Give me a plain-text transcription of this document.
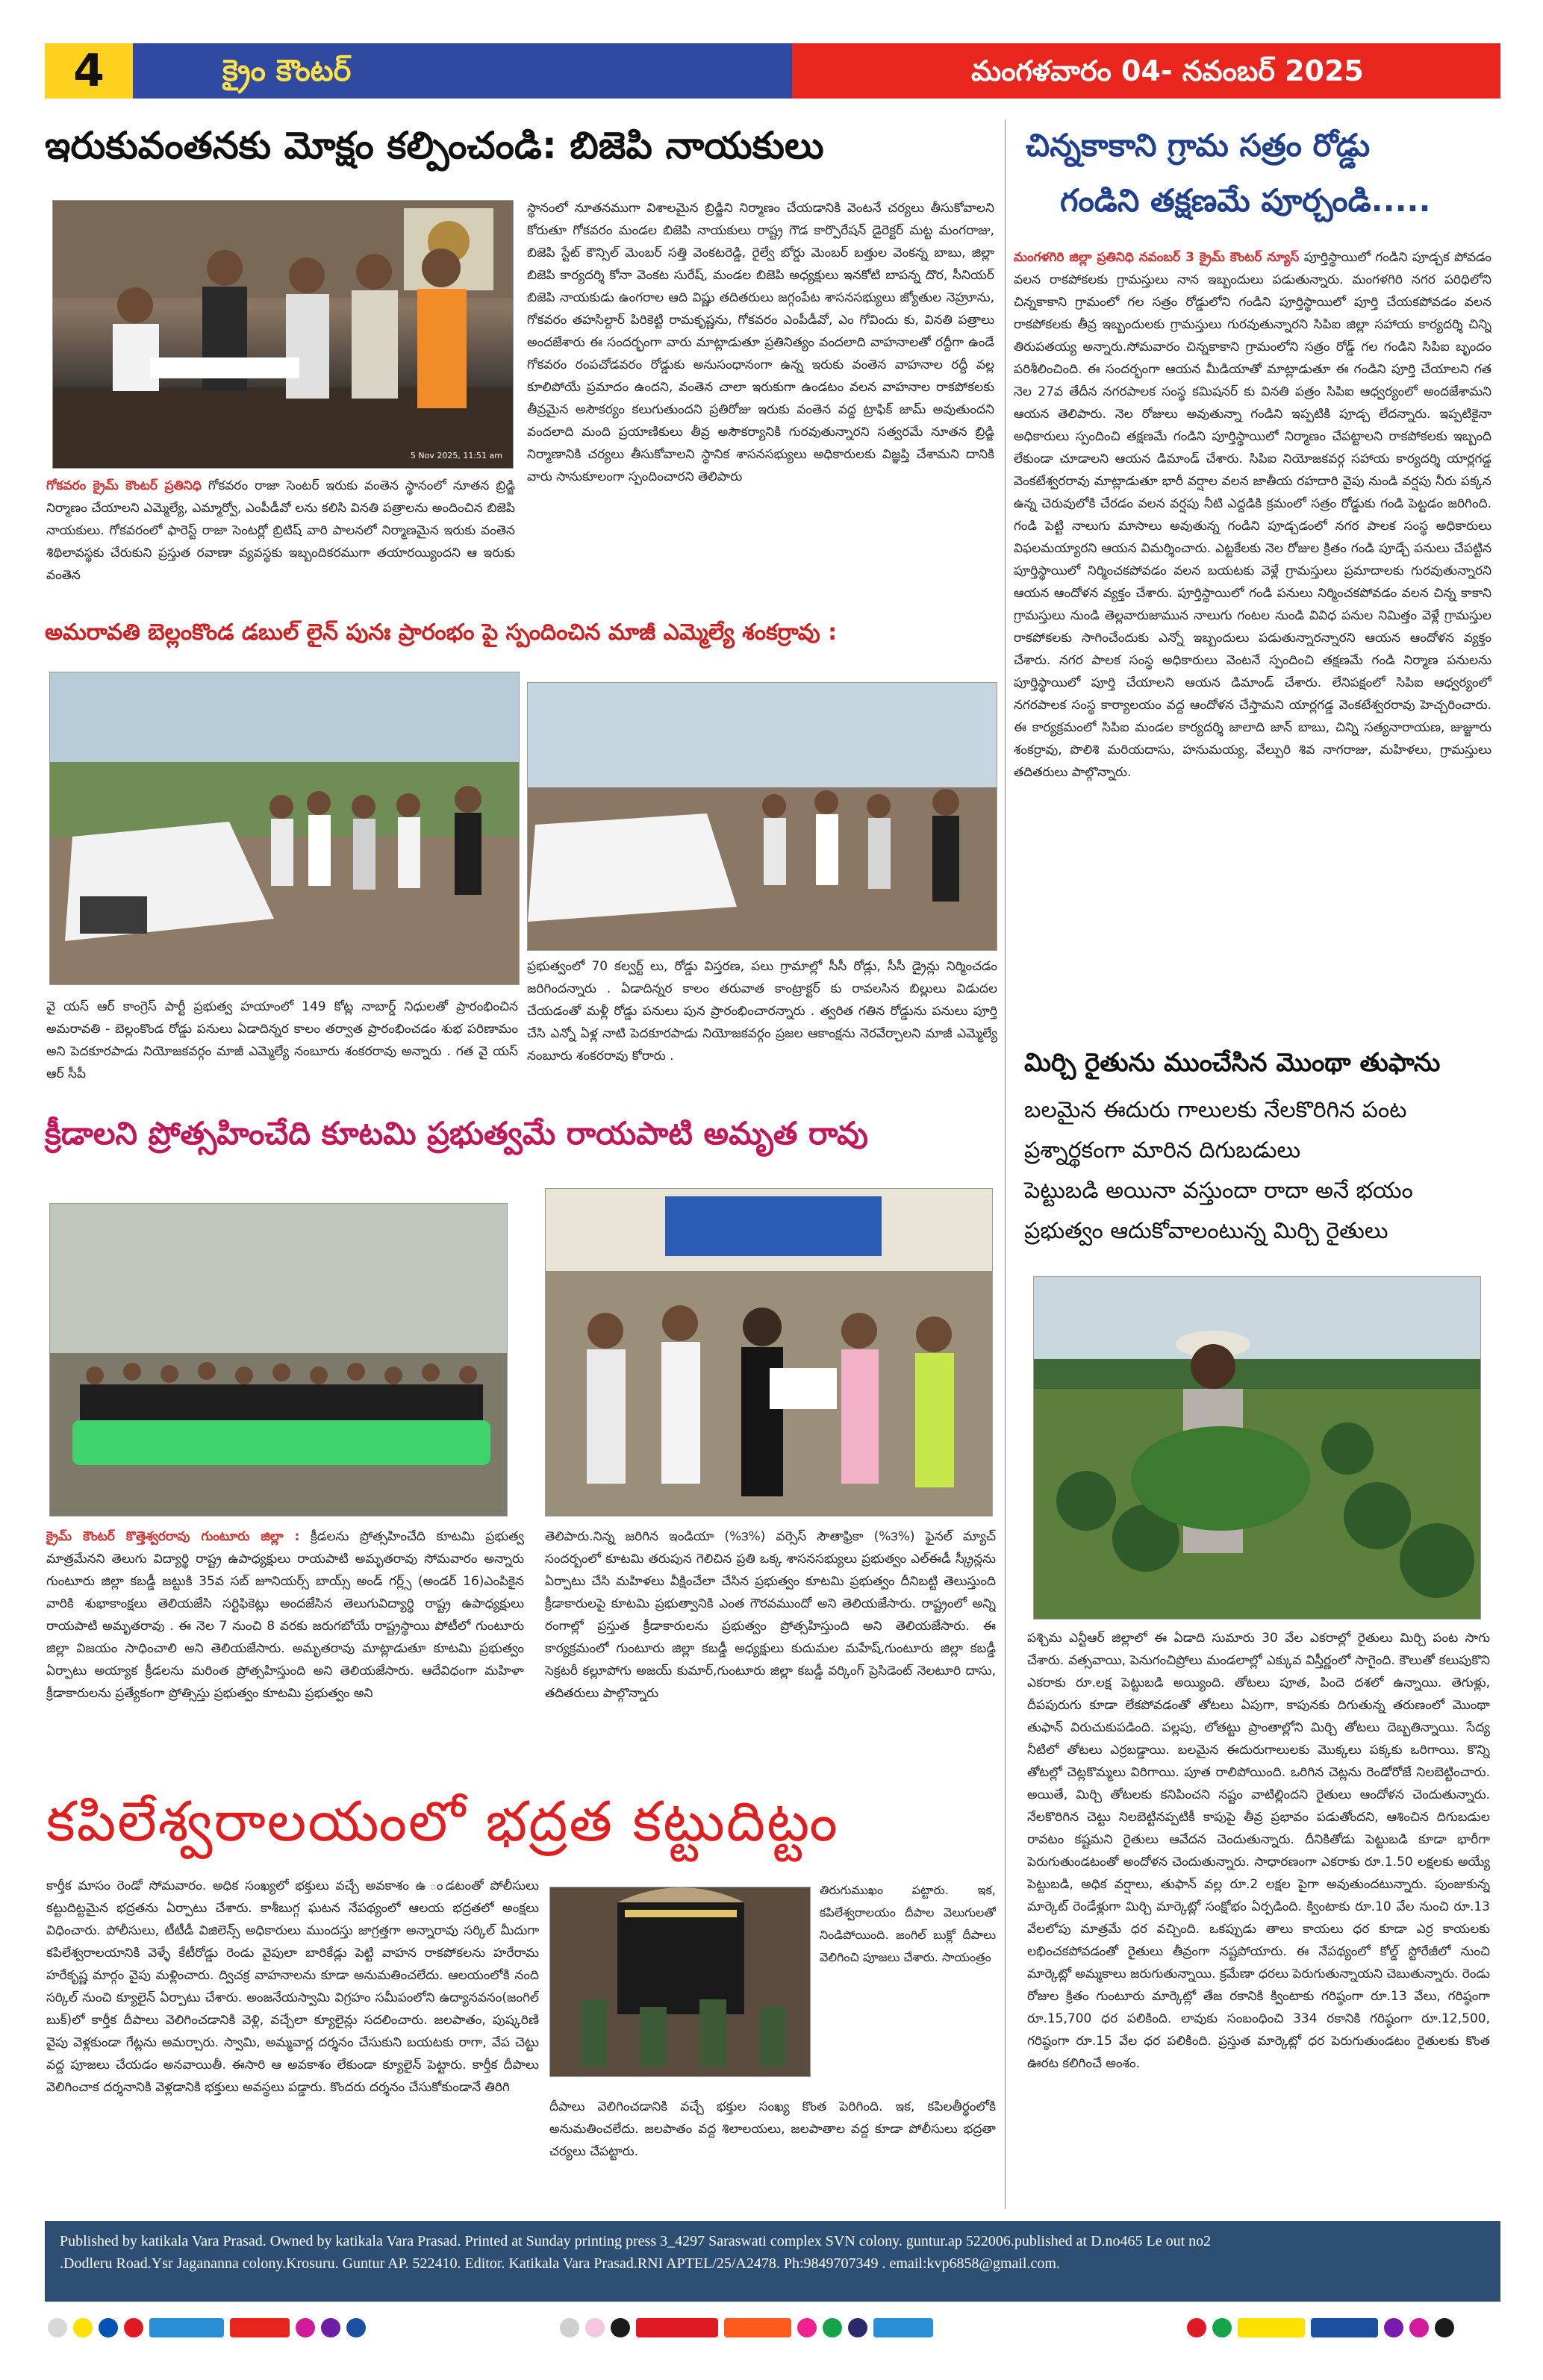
4	క్రైం కౌంటర్	మంగళవారం 04- నవంబర్ 2025
ఇరుకువంతనకు మోక్షం కల్పించండి: బిజెపి నాయకులు
5 Nov 2025, 11:51 am
గోకవరం క్రైమ్ కౌంటర్ ప్రతినిధి గోకవరం రాజా సెంటర్ ఇరుకు వంతెన స్థానంలో నూతన బ్రిడ్జి నిర్మాణం చేయాలని ఎమ్మెల్యే, ఎమ్మార్వో, ఎంపీడీవో లను కలిసి వినతి పత్రాలను అందించిన బిజెపి నాయకులు. గోకవరంలో ఫారెస్ట్ రాజా సెంటర్లో బ్రిటిష్ వారి పాలనలో నిర్మాణమైన ఇరుకు వంతెన శిథిలావస్థకు చేరుకుని ప్రస్తుత రవాణా వ్యవస్థకు ఇబ్బందికరముగా తయారయ్యిందని ఆ ఇరుకు వంతెన
స్థానంలో నూతనముగా విశాలమైన బ్రిడ్జిని నిర్మాణం చేయడానికి వెంటనే చర్యలు తీసుకోవాలని కోరుతూ గోకవరం మండల బిజెపి నాయకులు రాష్ట్ర గౌడ కార్పొరేషన్ డైరెక్టర్ మట్ట మంగరాజు, బిజెపి స్టేట్ కౌన్సిల్ మెంబర్ సత్తి వెంకటరెడ్డి, రైల్వే బోర్డు మెంబర్ బత్తుల వెంకన్న బాబు, జిల్లా బిజెపి కార్యదర్శి కోనా వెంకట సురేష్, మండల బిజెపి అధ్యక్షులు ఇనకోటి బాపన్న దొర, సీనియర్ బిజెపి నాయకుడు ఉంగరాల ఆది విష్ణు తదితరులు జగ్గంపేట శాసనసభ్యులు జ్యోతుల నెహ్రూను, గోకవరం తహసిల్దార్ పిరికెట్టి రామకృష్ణను, గోకవరం ఎంపీడీవో, ఎం గోవిందు కు, వినతి పత్రాలు అందజేశారు ఈ సందర్భంగా వారు మాట్లాడుతూ ప్రతినిత్యం వందలాది వాహనాలతో రద్దీగా ఉండే గోకవరం రంపచోడవరం రోడ్డుకు అనుసంధానంగా ఉన్న ఇరుకు వంతెన వాహనాల రద్దీ వల్ల కూలిపోయే ప్రమాదం ఉందని, వంతెన చాలా ఇరుకుగా ఉండటం వలన వాహనాల రాకపోకలకు తీవ్రమైన అసౌకర్యం కలుగుతుందని ప్రతిరోజు ఇరుకు వంతెన వద్ద ట్రాఫిక్ జామ్ అవుతుందని వందలాది మంది ప్రయాణికులు తీవ్ర అసౌకర్యానికి గురవుతున్నారని సత్వరమే నూతన బ్రిడ్జి నిర్మాణానికి చర్యలు తీసుకోవాలని స్థానిక శాసనసభ్యులు అధికారులకు విజ్ఞప్తి చేశామని దానికి వారు సానుకూలంగా స్పందించారని తెలిపారు
అమరావతి బెల్లంకొండ డబుల్ లైన్ పునః ప్రారంభం పై స్పందించిన మాజీ ఎమ్మెల్యే శంకర్రావు :
వై యస్ ఆర్ కాంగ్రెస్ పార్టీ ప్రభుత్వ హయాంలో 149 కోట్ల నాబార్డ్ నిధులతో ప్రారంభించిన అమరావతి - బెల్లంకొండ రోడ్డు పనులు ఏడాదిన్నర కాలం తర్వాత ప్రారంభించడం శుభ పరిణామం అని పెదకూరపాడు నియోజకవర్గం మాజీ ఎమ్మెల్యే నంబూరు శంకరరావు అన్నారు . గత వై యస్ ఆర్ సీపీ
ప్రభుత్వంలో 70 కల్వర్ట్ లు, రోడ్డు విస్తరణ, పలు గ్రామాల్లో సీసీ రోడ్లు, సీసీ డ్రైన్లు నిర్మించడం జరిగిందన్నారు . ఏడాదిన్నర కాలం తరువాత కాంట్రాక్టర్ కు రావలసిన బిల్లులు విడుదల చేయడంతో మళ్లీ రోడ్డు పనులు పున ప్రారంభించారన్నారు . త్వరిత గతిన రోడ్డును పనులు పూర్తి చేసి ఎన్నో ఏళ్ల నాటి పెదకూరపాడు నియోజకవర్గం ప్రజల ఆకాంక్షను నెరవేర్చాలని మాజీ ఎమ్మెల్యే నంబూరు శంకరరావు కోరారు .
క్రీడాలని ప్రోత్సహించేది కూటమి ప్రభుత్వమే రాయపాటి అమృత రావు
క్రైమ్ కౌంటర్ కొత్తెశ్వరరావు గుంటూరు జిల్లా : క్రీడలను ప్రోత్సహించేది కూటమి ప్రభుత్వ మాత్రమేనని తెలుగు విద్యార్థి రాష్ట్ర ఉపాధ్యక్షులు రాయపాటి అమృతరావు సోమవారం అన్నారు గుంటూరు జిల్లా కబడ్డీ జట్టుకి 35వ సబ్ జూనియర్స్ బాయ్స్ అండ్ గర్ల్స్ (అండర్ 16)ఎంపికైన వారికి శుభాకాంక్షలు తెలియజేసి సర్టిఫికెట్లు అందజేసిన తెలుగువిద్యార్థి రాష్ట్ర ఉపాధ్యక్షులు రాయపాటి అమృతరావు . ఈ నెల 7 నుంచి 8 వరకు జరుగబోయే రాష్ట్రస్థాయి పోటీలో గుంటూరు జిల్లా విజయం సాధించాలి అని తెలియజేసారు. అమృతరావు మాట్లాడుతూ కూటమి ప్రభుత్వం ఏర్పాటు అయ్యాక క్రీడలను మరింత ప్రోత్సహిస్తుంది అని తెలియజేసారు. ఆదేవిధంగా మహిళా క్రీడాకారులను ప్రత్యేకంగా ప్రోత్సిస్తు ప్రభుత్వం కూటమి ప్రభుత్వం అని
తెలిపారు.నిన్న జరిగిన ఇండియా (%౩%) వర్సెస్ సౌతాఫ్రికా (%౩%) ఫైనల్ మ్యాచ్ సందర్బంలో కూటమి తరుపున గెలిచిన ప్రతి ఒక్క శాసనసభ్యులు ప్రభుత్వం ఎల్ఈడీ స్క్రీన్లను ఏర్పాటు చేసి మహిళలు వీక్షించేలా చేసిన ప్రభుత్వం కూటమి ప్రభుత్వం దీనిబట్టి తెలుస్తుంది క్రీడాకారులపై కూటమి ప్రభుత్వానికి ఎంత గౌరవముందో అని తెలియజేసారు. రాష్ట్రంలో అన్ని రంగాల్లో ప్రస్తుత క్రీడాకారులను ప్రభుత్వం ప్రోత్సహిస్తుంది అని తెలియజేసారు. ఈ కార్యక్రమంలో గుంటూరు జిల్లా కబడ్డీ అధ్యక్షులు కుదుమల మహేష్,గుంటూరు జిల్లా కబడ్డీ సెక్రటరీ కల్లూపోగు అజయ్ కుమార్,గుంటూరు జిల్లా కబడ్డీ వర్కింగ్ ప్రెసిడెంట్ నెలటూరి దాసు, తదితరులు పాల్గొన్నారు
కపిలేశ్వరాలయంలో భద్రత కట్టుదిట్టం
కార్తీక మాసం రెండో సోమవారం. అధిక సంఖ్యలో భక్తులు వచ్చే అవకాశం ఉ ండటంతో పోలీసులు కట్టుదిట్టమైన భద్రతను ఏర్పాటు చేశారు. కాశీబుగ్గ ఘటన నేపథ్యంలో ఆలయ భద్రతలో అంక్షలు విధించారు. పోలీసులు, టీటీడీ విజిలెన్స్ అధికారులు ముందస్తు జాగ్రత్తగా అన్నారావు సర్కిల్ మీదుగా కపిలేశ్వరాలయానికి వెళ్ళే కేటీరోడ్డు రెండు వైపులా బారికేడ్లు పెట్టి వాహన రాకపోకలను హరేరామ హరేకృష్ణ మార్గం వైపు మళ్లించారు. ద్విచక్ర వాహనాలను కూడా అనుమతించలేదు. ఆలయంలోకి నంది సర్కిల్ నుంచి క్యూలైన్ ఏర్పాటు చేశారు. అంజనేయస్వామి విగ్రహం సమీపంలోని ఉద్యానవనం(జంగిల్ బుక్)లో కార్తీక దీపాలు వెలిగించడానికి వెళ్లి, వచ్చేలా క్యూలైన్లు సదలించారు. జలపాతం, పుష్కరిణి వైపు వెళ్లకుండా గేట్లను అమర్చారు. స్వామి, అమ్మవార్ల దర్శనం చేసుకుని బయటకు రాగా, వేప చెట్టు వద్ద పూజలు చేయడం అనవాయితీ. ఈసారి ఆ అవకాశం లేకుండా క్యూలైన్ పెట్టారు. కార్తీక దీపాలు వెలిగించాక దర్శనానికి వెళ్లడానికి భక్తులు అవస్థలు పడ్డారు. కొందరు దర్శనం చేసుకోకుండానే తిరిగి
తిరుగుముఖం పట్టారు. ఇక, కపిలేశ్వరాలయం దీపాల వెలుగులతో నిండిపోయింది. జంగిల్ బుక్లో దీపాలు వెలిగించి పూజలు చేశారు. సాయంత్రం
దీపాలు వెలిగించడానికి వచ్చే భక్తుల సంఖ్య కొంత పెరిగింది. ఇక, కపిలతీర్థంలోకి అనుమతించలేదు. జలపాతం వద్ద శిలాలయలు, జలపాతాల వద్ద కూడా పోలీసులు భద్రతా చర్యలు చేపట్టారు.
చిన్నకాకాని గ్రామ సత్రం రోడ్డు
గండిని తక్షణమే పూర్చండి.....
మంగళగిరి జిల్లా ప్రతినిధి నవంబర్ 3 క్రైమ్ కౌంటర్ న్యూస్ పూర్తిస్థాయిలో గండిని పూడ్చక పోవడం వలన రాకపోకలకు గ్రామస్తులు నాన ఇబ్బందులు పడుతున్నారు. మంగళగిరి నగర పరిధిలోని చిన్నకాకాని గ్రామంలో గల సత్రం రోడ్డులోని గండిని పూర్తిస్థాయిలో పూర్తి చేయకపోవడం వలన రాకపోకలకు తీవ్ర ఇబ్బందులకు గ్రామస్తులు గురవుతున్నారని సిపిఐ జిల్లా సహాయ కార్యదర్శి చిన్ని తిరుపతయ్య అన్నారు.సోమవారం చిన్నకాకాని గ్రామంలోని సత్రం రోడ్డ్ గల గండిని సిపిఐ బృందం పరిశీలించింది. ఈ సందర్భంగా ఆయన మీడియాతో మాట్లాడుతూ ఈ గండిని పూర్తి చేయాలని గత నెల 27వ తేదీన నగరపాలక సంస్థ కమిషనర్ కు వినతి పత్రం సిపిఐ ఆధ్వర్యంలో అందజేశామని ఆయన తెలిపారు. నెల రోజులు అవుతున్నా గండిని ఇప్పటికి పూడ్చ లేదన్నారు. ఇప్పటికైనా అధికారులు స్పందించి తక్షణమే గండిని పూర్తిస్థాయిలో నిర్మాణం చేపట్టాలని రాకపోకలకు ఇబ్బంది లేకుండా చూడాలని ఆయన డిమాండ్ చేశారు. సిపిఐ నియోజకవర్గ సహాయ కార్యదర్శి యార్లగడ్డ వెంకటేశ్వరరావు మాట్లాడుతూ భారీ వర్షాల వలన జాతీయ రహదారి వైపు నుండి వర్షపు నీరు పక్కన ఉన్న చెరువులోకి చేరడం వలన వర్షపు నీటి ఎద్దడికి క్రమంలో సత్రం రోడ్డుకు గండి పెట్టడం జరిగింది. గండి పెట్టి నాలుగు మాసాలు అవుతున్న గండిని పూడ్చడంలో నగర పాలక సంస్థ అధికారులు విఫలమయ్యారని ఆయన విమర్శించారు. ఎట్టకేలకు నెల రోజుల క్రితం గండి పూడ్చే పనులు చేపట్టిన పూర్తిస్థాయిలో నిర్మించకపోవడం వలన బయటకు వెళ్లే గ్రామస్తులు ప్రమాదాలకు గురవుతున్నారని ఆయన ఆందోళన వ్యక్తం చేశారు. పూర్తిస్థాయిలో గండి పనులు నిర్మించకపోవడం వలన చిన్న కాకాని గ్రామస్తులు నుండి తెల్లవారుజామున నాలుగు గంటల నుండి వివిధ పనుల నిమిత్తం వెళ్లే గ్రామస్తుల రాకపోకలకు సాగించేందుకు ఎన్నో ఇబ్బందులు పడుతున్నారన్నారని ఆయన ఆందోళన వ్యక్తం చేశారు. నగర పాలక సంస్థ అధికారులు వెంటనే స్పందించి తక్షణమే గండి నిర్మాణ పనులను పూర్తిస్థాయిలో పూర్తి చేయాలని ఆయన డిమాండ్ చేశారు. లేనిపక్షంలో సిపిఐ ఆధ్వర్యంలో నగరపాలక సంస్థ కార్యాలయం వద్ద ఆందోళన చేస్తామని యార్లగడ్డ వెంకటేశ్వరరావు హెచ్చరించారు. ఈ కార్యక్రమంలో సిపిఐ మండల కార్యదర్శి జాలాది జాన్ బాబు, చిన్ని సత్యనారాయణ, జుజ్జూరు శంకర్రావు, పొలిశి మరియదాసు, హనుమయ్య, వేల్పురి శివ నాగరాజు, మహిళలు, గ్రామస్తులు తదితరులు పాల్గొన్నారు.
మిర్చి రైతును ముంచేసిన మొంథా తుఫాను
బలమైన ఈదురు గాలులకు నేలకొరిగిన పంట
ప్రశ్నార్థకంగా మారిన దిగుబడులు
పెట్టుబడి అయినా వస్తుందా రాదా అనే భయం
ప్రభుత్వం ఆదుకోవాలంటున్న మిర్చి రైతులు
పశ్చిమ ఎన్టీఆర్ జిల్లాలో ఈ ఏడాది సుమారు 30 వేల ఎకరాల్లో రైతులు మిర్చి పంట సాగు చేశారు. వత్సవాయి, పెనుగంచిప్రోలు మండలాల్లో ఎక్కువ విస్తీర్ణంలో సాగైంది. కౌలుతో కలుపుకొని ఎకరాకు రూ.లక్ష పెట్టుబడి అయ్యింది. తోటలు పూత, పిందె దశలో ఉన్నాయి. తెగుళ్లు, దీపపురుగు కూడా లేకపోవడంతో తోటలు ఏపుగా, కాపునకు దిగుతున్న తరుణంలో మొంథా తుఫాన్ విరుచుకుపడింది. పల్లపు, లోతట్టు ప్రాంతాల్లోని మిర్చి తోటలు దెబ్బతిన్నాయి. సేద్య నీటిలో తోటలు ఎర్రబడ్డాయి. బలమైన ఈదురుగాలులకు మొక్కలు పక్కకు ఒరిగాయి. కొన్ని తోటల్లో చెట్లకొమ్మలు విరిగాయి. పూత రాలిపోయింది. ఒరిగిన చెట్లను రెండోరోజే నిలబెట్టించారు. అయితే, మిర్చి తోటలకు కనిపించని నష్టం వాటిల్లిందని రైతులు ఆందోళన చెందుతున్నారు. నేలకొరిగిన చెట్టు నిలబెట్టినప్పటికీ కాపుపై తీవ్ర ప్రభావం పడుతోందని, ఆశించిన దిగుబడుల రావటం కష్టమని రైతులు ఆవేదన చెందుతున్నారు. దీనికితోడు పెట్టుబడి కూడా భారీగా పెరుగుతుండటంతో అందోళన చెందుతున్నారు. సాధారణంగా ఎకరాకు రూ.1.50 లక్షలకు అయ్యే పెట్టుబడి, అధిక వర్షాలు, తుఫాన్ వల్ల రూ.2 లక్షల పైగా అవుతుందటున్నారు. పుంజుకున్న మార్కెట్ రెండేళ్లుగా మిర్చి మార్కెట్లో సంక్షోభం ఏర్పడింది. క్వింటాకు రూ.10 వేల నుంచి రూ.13 వేలలోపు మాత్రమే ధర వచ్చింది. ఒకప్పుడు తాలు కాయలు ధర కూడా ఎర్ర కాయలకు లభించకపోవడంతో రైతులు తీవ్రంగా నష్టపోయారు. ఈ నేపథ్యంలో కోల్డ్ స్టోరేజీలో నుంచి మార్కెట్లో అమ్మకాలు జరుగుతున్నాయి. క్రమేణా ధరలు పెరుగుతున్నాయని చెబుతున్నారు. రెండు రోజుల క్రితం గుంటూరు మార్కెట్లో తేజ రకానికి క్వింటాకు గరిష్ఠంగా రూ.13 వేలు, గరిష్ఠంగా రూ.15,700 ధర పలికింది. లావుకు సంబంధించి 334 రకానికి గరిష్ఠంగా రూ.12,500, గరిష్ఠంగా రూ.15 వేల ధర పలికింది. ప్రస్తుత మార్కెట్లో ధర పెరుగుతుండటం రైతులకు కొంత ఊరట కలిగించే అంశం.
Published by katikala Vara Prasad. Owned by katikala Vara Prasad. Printed at Sunday printing press 3_4297 Saraswati complex SVN colony. guntur.ap 522006.published at D.no465 Le out no2
.Dodleru Road.Ysr Jagananna colony.Krosuru. Guntur AP. 522410. Editor. Katikala Vara Prasad.RNI APTEL/25/A2478. Ph:9849707349 . email:kvp6858@gmail.com.
